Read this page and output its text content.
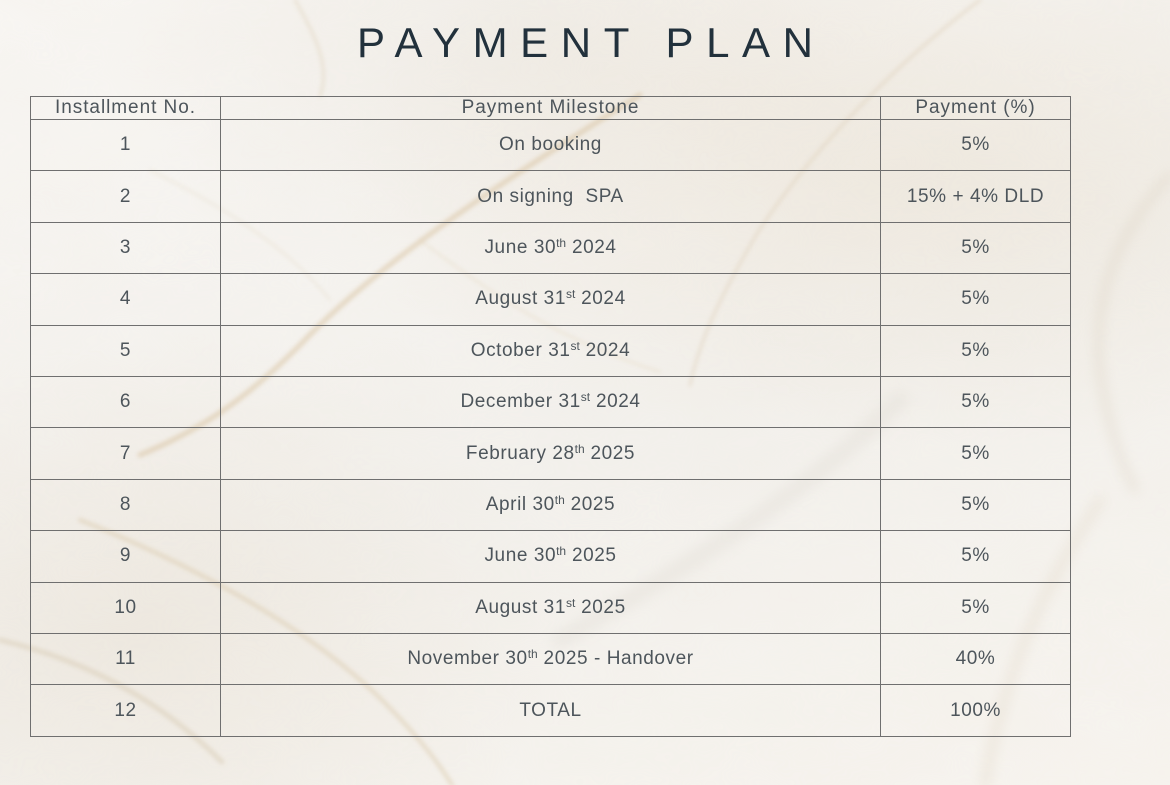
PAYMENT PLAN
Installment No.	Payment Milestone	Payment (%)
1	On booking	5%
2	On signing  SPA	15% + 4% DLD
3	June 30th 2024	5%
4	August 31st 2024	5%
5	October 31st 2024	5%
6	December 31st 2024	5%
7	February 28th 2025	5%
8	April 30th 2025	5%
9	June 30th 2025	5%
10	August 31st 2025	5%
11	November 30th 2025 - Handover	40%
12	TOTAL	100%
